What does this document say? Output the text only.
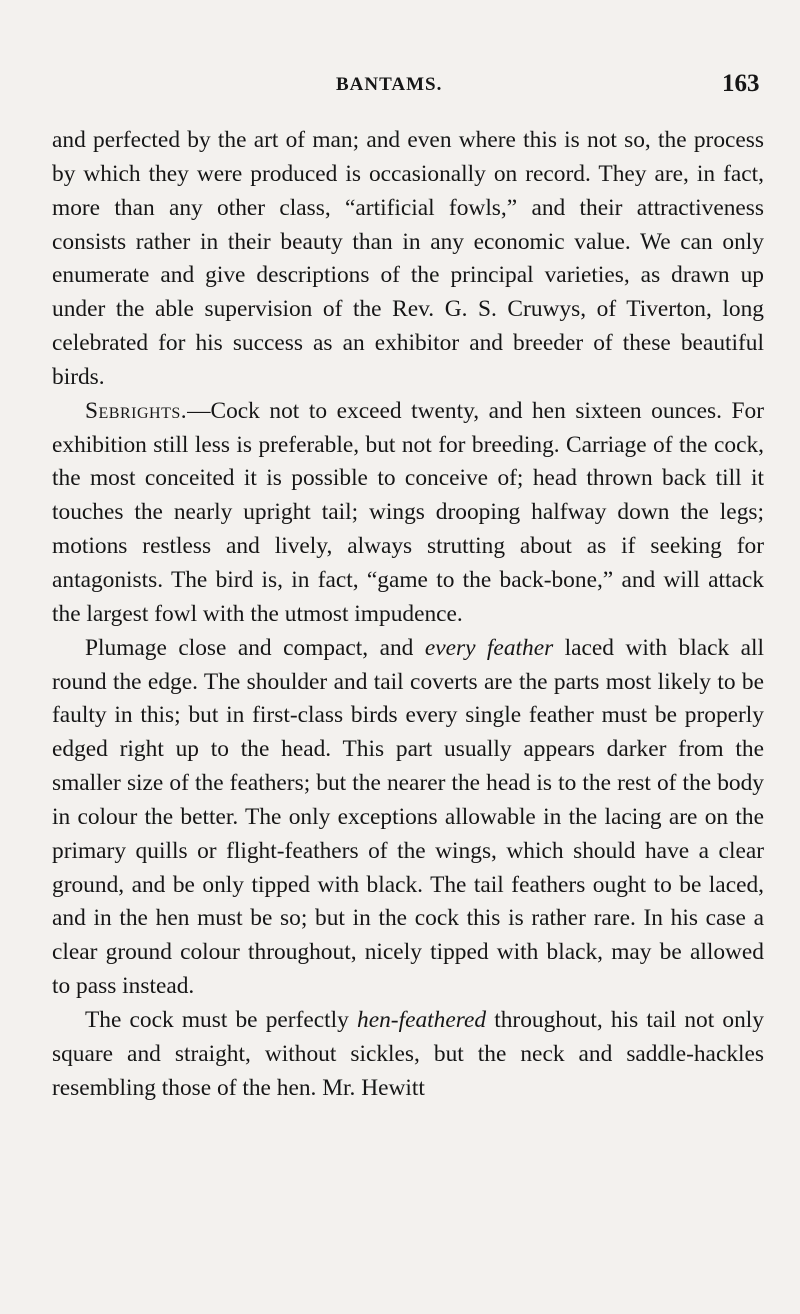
BANTAMS.	163

and perfected by the art of man; and even where this is not so, the process by which they were produced is occasionally on record. They are, in fact, more than any other class, “artificial fowls,” and their attractiveness consists rather in their beauty than in any economic value. We can only enumerate and give descriptions of the principal varieties, as drawn up under the able supervision of the Rev. G. S. Cruwys, of Tiverton, long celebrated for his success as an exhibitor and breeder of these beautiful birds.

Sebrights.—Cock not to exceed twenty, and hen sixteen ounces. For exhibition still less is preferable, but not for breeding. Carriage of the cock, the most conceited it is possible to conceive of; head thrown back till it touches the nearly upright tail; wings drooping halfway down the legs; motions restless and lively, always strutting about as if seeking for antagonists. The bird is, in fact, “game to the back-bone,” and will attack the largest fowl with the utmost impudence.

Plumage close and compact, and every feather laced with black all round the edge. The shoulder and tail coverts are the parts most likely to be faulty in this; but in first-class birds every single feather must be properly edged right up to the head. This part usually appears darker from the smaller size of the feathers; but the nearer the head is to the rest of the body in colour the better. The only exceptions allowable in the lacing are on the primary quills or flight-feathers of the wings, which should have a clear ground, and be only tipped with black. The tail feathers ought to be laced, and in the hen must be so; but in the cock this is rather rare. In his case a clear ground colour throughout, nicely tipped with black, may be allowed to pass instead.

The cock must be perfectly hen-feathered throughout, his tail not only square and straight, without sickles, but the neck and saddle-hackles resembling those of the hen. Mr. Hewitt
